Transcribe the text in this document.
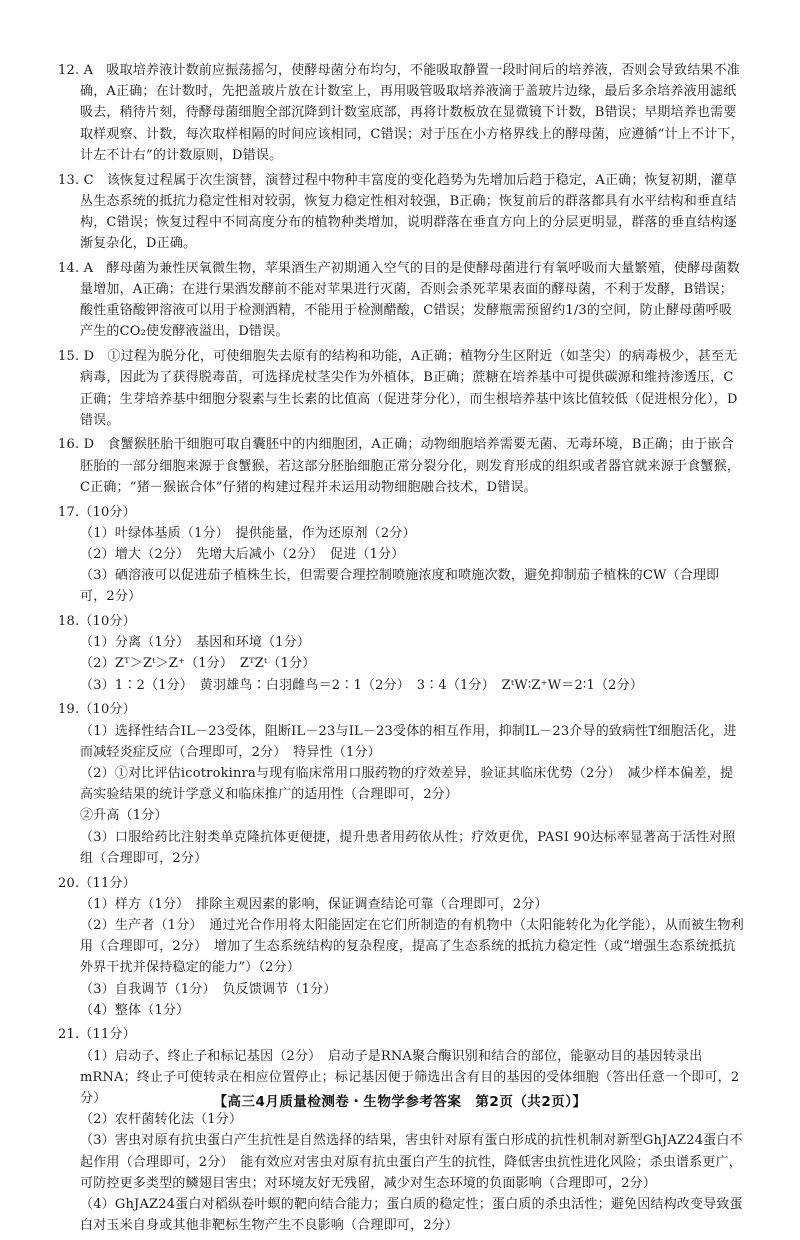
12. A　吸取培养液计数前应振荡摇匀，使酵母菌分布均匀，不能吸取静置一段时间后的培养液，否则会导致结果不准确，A正确；在计数时，先把盖玻片放在计数室上，再用吸管吸取培养液滴于盖玻片边缘，最后多余培养液用滤纸吸去，稍待片刻，待酵母菌细胞全部沉降到计数室底部，再将计数板放在显微镜下计数，B错误；早期培养也需要取样观察、计数，每次取样相隔的时间应该相同，C错误；对于压在小方格界线上的酵母菌，应遵循“计上不计下，计左不计右”的计数原则，D错误。

13. C　该恢复过程属于次生演替，演替过程中物种丰富度的变化趋势为先增加后趋于稳定，A正确；恢复初期，灌草丛生态系统的抵抗力稳定性相对较弱，恢复力稳定性相对较强，B正确；恢复前后的群落都具有水平结构和垂直结构，C错误；恢复过程中不同高度分布的植物种类增加，说明群落在垂直方向上的分层更明显，群落的垂直结构逐渐复杂化，D正确。

14. A　酵母菌为兼性厌氧微生物，苹果酒生产初期通入空气的目的是使酵母菌进行有氧呼吸而大量繁殖，使酵母菌数量增加，A正确；在进行果酒发酵前不能对苹果进行灭菌，否则会杀死苹果表面的酵母菌，不利于发酵，B错误；酸性重铬酸钾溶液可以用于检测酒精，不能用于检测醋酸，C错误；发酵瓶需预留约1/3的空间，防止酵母菌呼吸产生的CO₂使发酵液溢出，D错误。

15. D　①过程为脱分化，可使细胞失去原有的结构和功能，A正确；植物分生区附近（如茎尖）的病毒极少，甚至无病毒，因此为了获得脱毒苗，可选择虎杖茎尖作为外植体，B正确；蔗糖在培养基中可提供碳源和维持渗透压，C正确；生芽培养基中细胞分裂素与生长素的比值高（促进芽分化），而生根培养基中该比值较低（促进根分化），D错误。

16. D　食蟹猴胚胎干细胞可取自囊胚中的内细胞团，A正确；动物细胞培养需要无菌、无毒环境，B正确；由于嵌合胚胎的一部分细胞来源于食蟹猴，若这部分胚胎细胞正常分裂分化，则发育形成的组织或者器官就来源于食蟹猴，C正确；“猪－猴嵌合体”仔猪的构建过程并未运用动物细胞融合技术，D错误。

17.（10分）

（1）叶绿体基质（1分）　提供能量，作为还原剂（2分）

（2）增大（2分）　先增大后减小（2分）　促进（1分）

（3）硒溶液可以促进茄子植株生长，但需要合理控制喷施浓度和喷施次数，避免抑制茄子植株的CW（合理即可，2分）

18.（10分）

（1）分离（1分）　基因和环境（1分）

（2）Zᵀ＞Zᵗ＞Z⁺（1分）　ZᵀZᵗ（1分）

（3）1∶2（1分）　黄羽雄鸟∶白羽雌鸟＝2∶1（2分）　3∶4（1分）　ZᵗW∶Z⁺W＝2∶1（2分）

19.（10分）

（1）选择性结合IL－23受体，阻断IL－23与IL－23受体的相互作用，抑制IL－23介导的致病性T细胞活化，进而减轻炎症反应（合理即可，2分）　特异性（1分）

（2）①对比评估icotrokinra与现有临床常用口服药物的疗效差异，验证其临床优势（2分）　减少样本偏差，提高实验结果的统计学意义和临床推广的适用性（合理即可，2分）

②升高（1分）

（3）口服给药比注射类单克隆抗体更便捷，提升患者用药依从性；疗效更优，PASI 90达标率显著高于活性对照组（合理即可，2分）

20.（11分）

（1）样方（1分）　排除主观因素的影响，保证调查结论可靠（合理即可，2分）

（2）生产者（1分）　通过光合作用将太阳能固定在它们所制造的有机物中（太阳能转化为化学能），从而被生物利用（合理即可，2分）　增加了生态系统结构的复杂程度，提高了生态系统的抵抗力稳定性（或“增强生态系统抵抗外界干扰并保持稳定的能力”）（2分）

（3）自我调节（1分）　负反馈调节（1分）

（4）整体（1分）

21.（11分）

（1）启动子、终止子和标记基因（2分）　启动子是RNA聚合酶识别和结合的部位，能驱动目的基因转录出mRNA；终止子可使转录在相应位置停止；标记基因便于筛选出含有目的基因的受体细胞（答出任意一个即可，2分）

（2）农杆菌转化法（1分）

（3）害虫对原有抗虫蛋白产生抗性是自然选择的结果，害虫针对原有蛋白形成的抗性机制对新型GhJAZ24蛋白不起作用（合理即可，2分）　能有效应对害虫对原有抗虫蛋白产生的抗性，降低害虫抗性进化风险；杀虫谱系更广，可防控更多类型的鳞翅目害虫；对环境友好无残留，减少对生态环境的负面影响（合理即可，2分）

（4）GhJAZ24蛋白对稻纵卷叶螟的靶向结合能力；蛋白质的稳定性；蛋白质的杀虫活性；避免因结构改变导致蛋白对玉米自身或其他非靶标生物产生不良影响（合理即可，2分）

【高三4月质量检测卷・生物学参考答案　第2页（共2页）】
